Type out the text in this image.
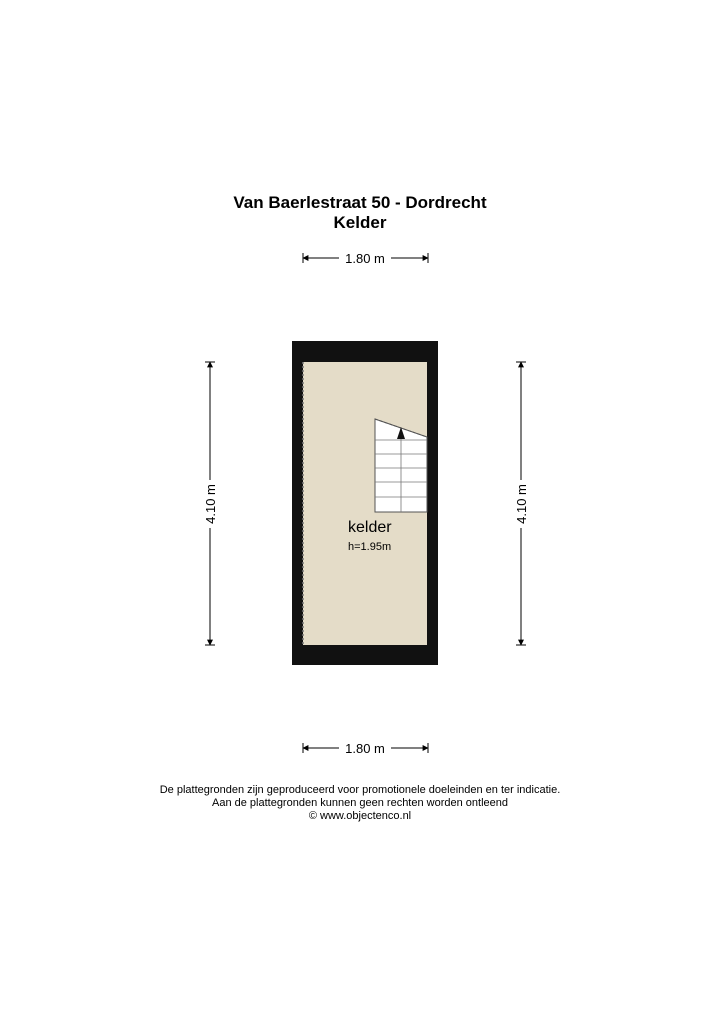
Van Baerlestraat 50 - Dordrecht
Kelder
1.80 m
4.10 m	4.10 m
kelder
h=1.95m
1.80 m
De plattegronden zijn geproduceerd voor promotionele doeleinden en ter indicatie.
Aan de plattegronden kunnen geen rechten worden ontleend
© www.objectenco.nl
